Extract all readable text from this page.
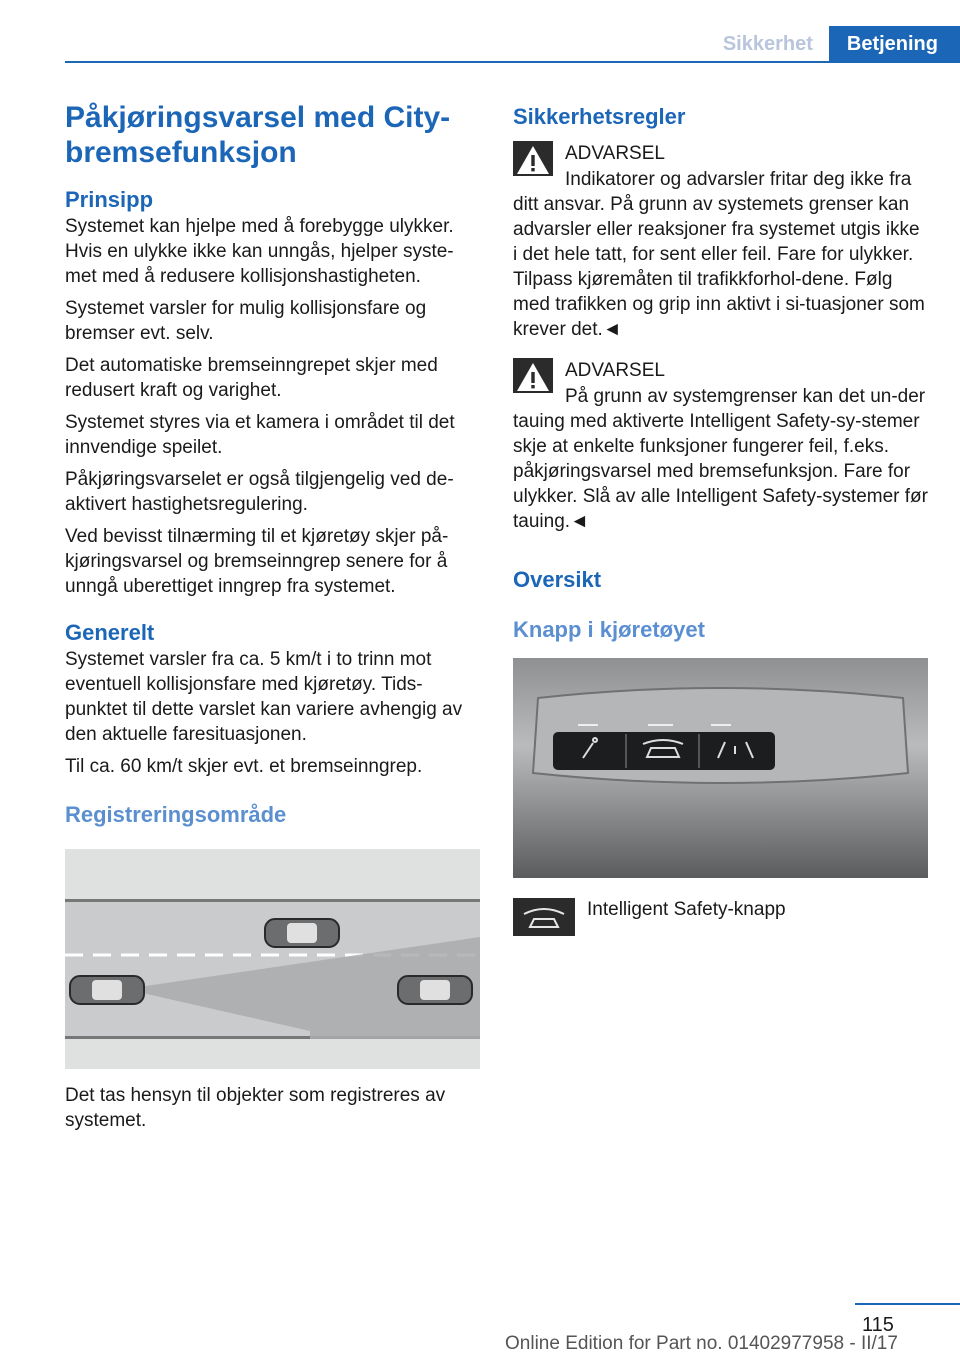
Sikkerhet	Betjening
Påkjøringsvarsel med City-bremsefunksjon
Prinsipp

Systemet kan hjelpe med å forebygge ulykker. Hvis en ulykke ikke kan unngås, hjelper syste-met med å redusere kollisjonshastigheten.

Systemet varsler for mulig kollisjonsfare og bremser evt. selv.

Det automatiske bremseinngrepet skjer med redusert kraft og varighet.

Systemet styres via et kamera i området til det innvendige speilet.

Påkjøringsvarselet er også tilgjengelig ved de-aktivert hastighetsregulering.

Ved bevisst tilnærming til et kjøretøy skjer på-kjøringsvarsel og bremseinngrep senere for å unngå uberettiget inngrep fra systemet.

Generelt

Systemet varsler fra ca. 5 km/t i to trinn mot eventuell kollisjonsfare med kjøretøy. Tids-punktet til dette varslet kan variere avhengig av den aktuelle faresituasjonen.

Til ca. 60 km/t skjer evt. et bremseinngrep.

Registreringsområde

Det tas hensyn til objekter som registreres av systemet.

Sikkerhetsregler
ADVARSEL
Indikatorer og advarsler fritar deg ikke fra ditt ansvar. På grunn av systemets grenser kan advarsler eller reaksjoner fra systemet utgis ikke i det hele tatt, for sent eller feil. Fare for ulykker. Tilpass kjøremåten til trafikkforhol-dene. Følg med trafikken og grip inn aktivt i si-tuasjoner som krever det.◄
ADVARSEL
På grunn av systemgrenser kan det un-der tauing med aktiverte Intelligent Safety-sy-stemer skje at enkelte funksjoner fungerer feil, f.eks. påkjøringsvarsel med bremsefunksjon. Fare for ulykker. Slå av alle Intelligent Safety-systemer før tauing.◄
Oversikt
Knapp i kjøretøyet

Intelligent Safety-knapp

115
Online Edition for Part no. 01402977958 - II/17
